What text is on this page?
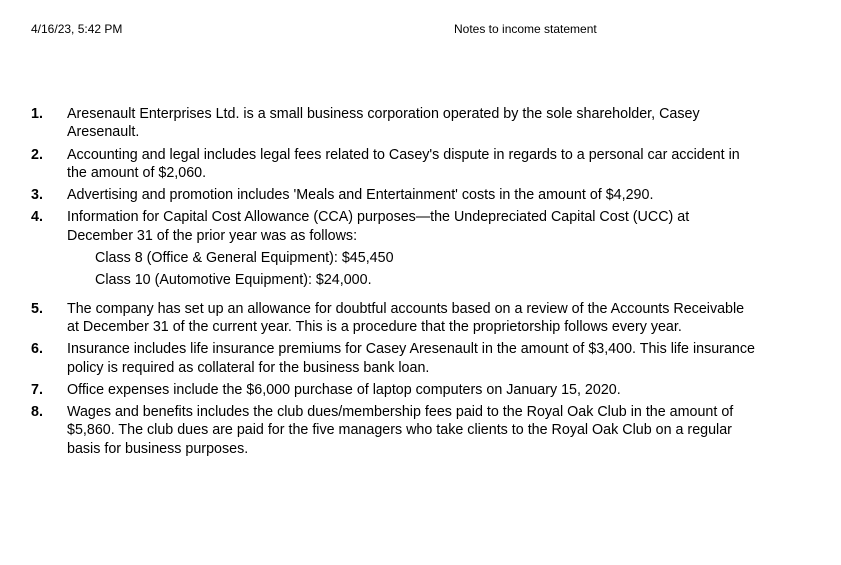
4/16/23, 5:42 PM	Notes to income statement
1.	Aresenault Enterprises Ltd. is a small business corporation operated by the sole shareholder, Casey Aresenault.
2.	Accounting and legal includes legal fees related to Casey's dispute in regards to a personal car accident in the amount of $2,060.
3.	Advertising and promotion includes 'Meals and Entertainment' costs in the amount of $4,290.
4.	Information for Capital Cost Allowance (CCA) purposes—the Undepreciated Capital Cost (UCC) at December 31 of the prior year was as follows:
Class 8 (Office & General Equipment): $45,450
Class 10 (Automotive Equipment): $24,000.
5.	The company has set up an allowance for doubtful accounts based on a review of the Accounts Receivable at December 31 of the current year. This is a procedure that the proprietorship follows every year.
6.	Insurance includes life insurance premiums for Casey Aresenault in the amount of $3,400. This life insurance policy is required as collateral for the business bank loan.
7.	Office expenses include the $6,000 purchase of laptop computers on January 15, 2020.
8.	Wages and benefits includes the club dues/membership fees paid to the Royal Oak Club in the amount of $5,860. The club dues are paid for the five managers who take clients to the Royal Oak Club on a regular basis for business purposes.
